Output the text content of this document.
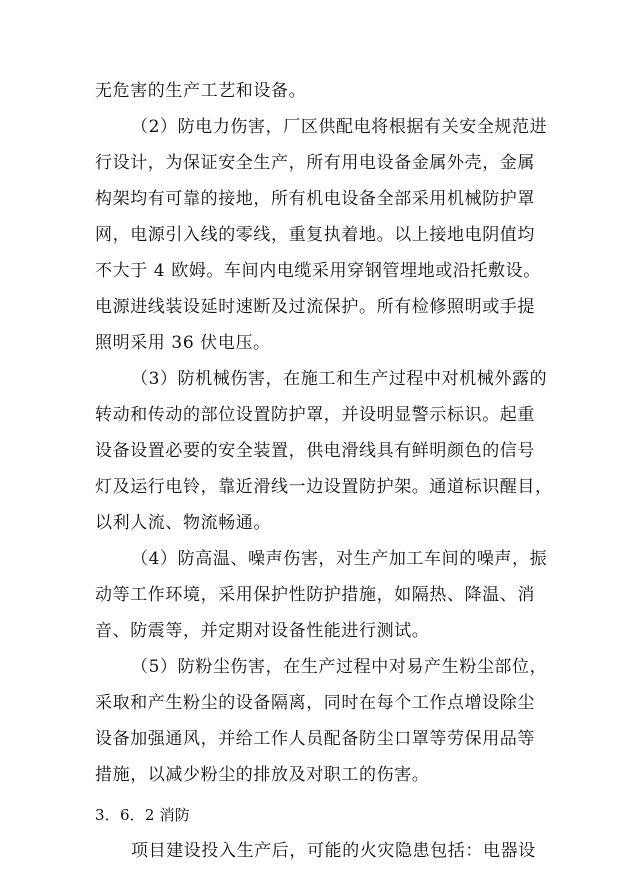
无危害的生产工艺和设备。
（2）防电力伤害，厂区供配电将根据有关安全规范进
行设计，为保证安全生产，所有用电设备金属外壳，金属
构架均有可靠的接地，所有机电设备全部采用机械防护罩
网，电源引入线的零线，重复执着地。以上接地电阴值均
不大于 4 欧姆。车间内电缆采用穿钢管埋地或沿托敷设。
电源进线装设延时速断及过流保护。所有检修照明或手提
照明采用 36 伏电压。
（3）防机械伤害，在施工和生产过程中对机械外露的
转动和传动的部位设置防护罩，并设明显警示标识。起重
设备设置必要的安全装置，供电滑线具有鲜明颜色的信号
灯及运行电铃，靠近滑线一边设置防护架。通道标识醒目，
以利人流、物流畅通。
（4）防高温、噪声伤害，对生产加工车间的噪声，振
动等工作环境，采用保护性防护措施，如隔热、降温、消
音、防震等，并定期对设备性能进行测试。
（5）防粉尘伤害，在生产过程中对易产生粉尘部位，
采取和产生粉尘的设备隔离，同时在每个工作点增设除尘
设备加强通风，并给工作人员配备防尘口罩等劳保用品等
措施，以减少粉尘的排放及对职工的伤害。
3．6．2 消防
项目建设投入生产后，可能的火灾隐患包括：电器设
